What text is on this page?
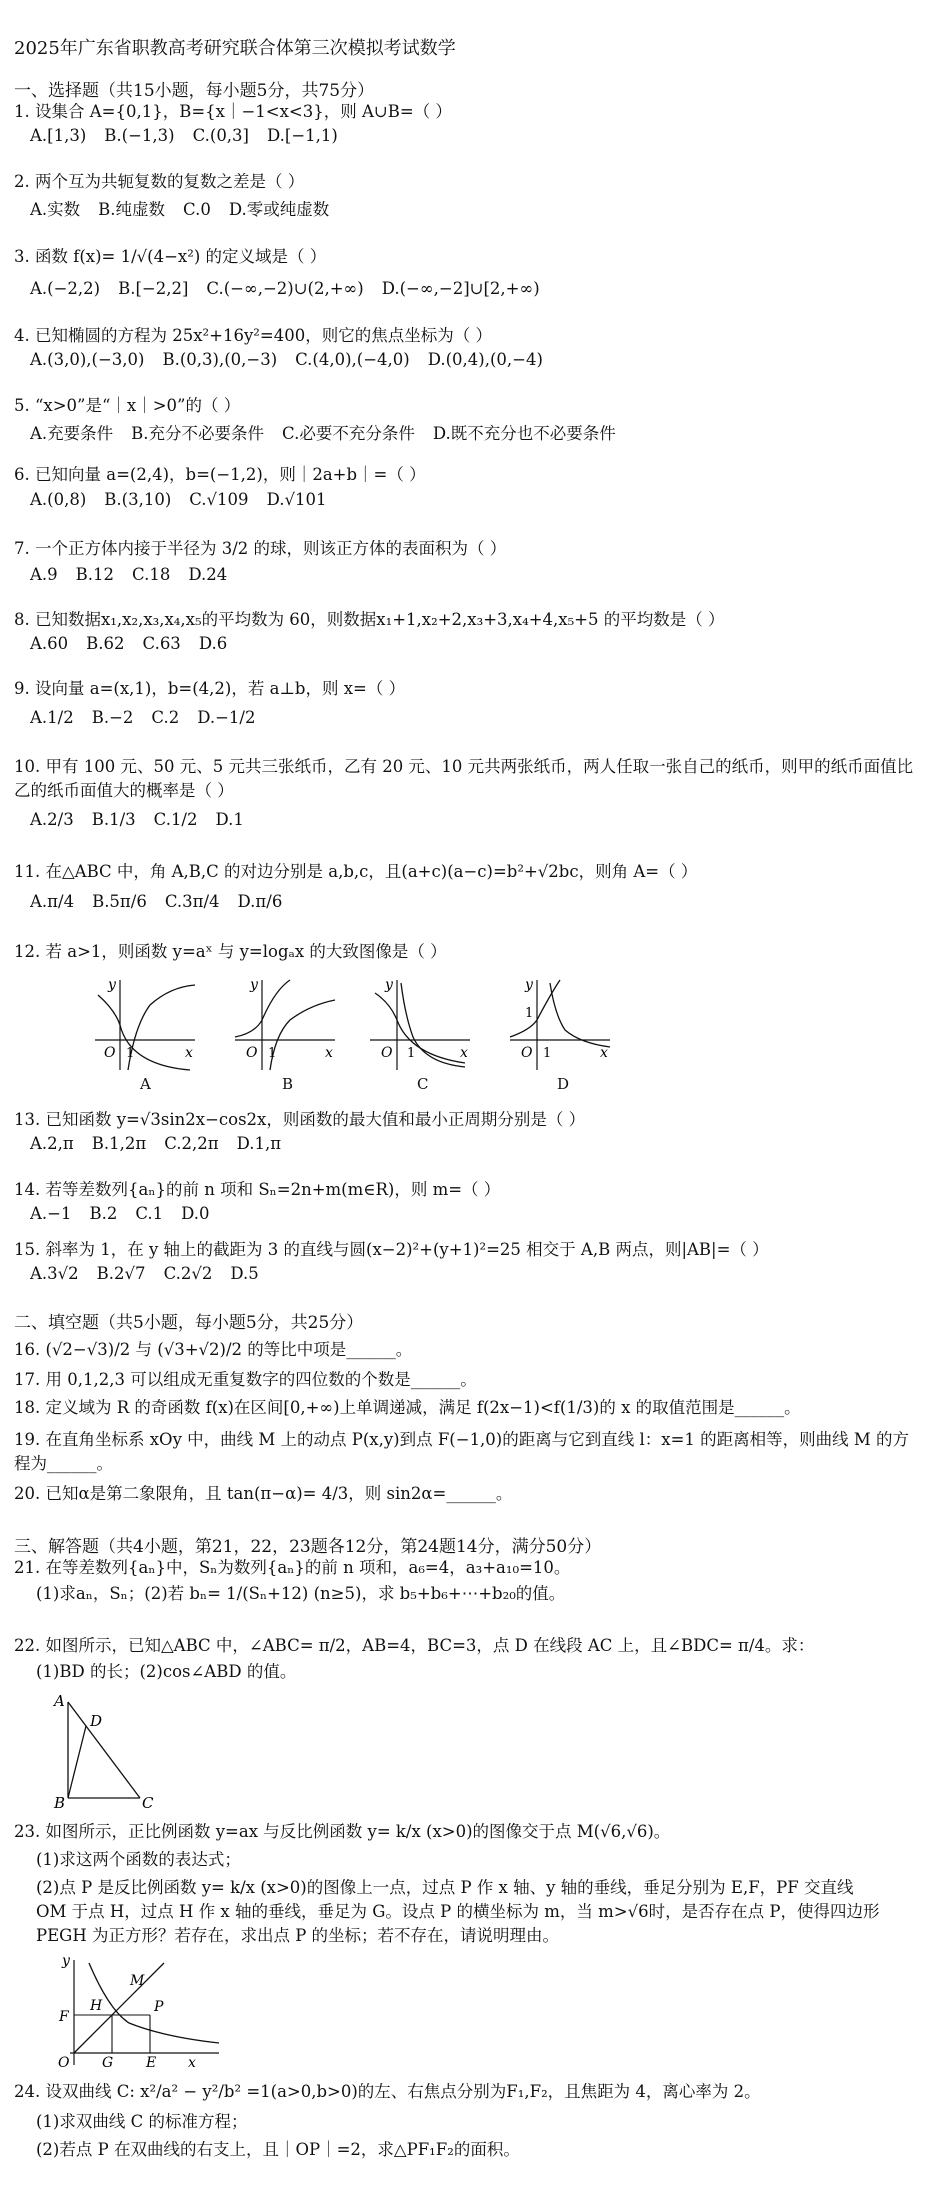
2025年广东省职教高考研究联合体第三次模拟考试数学
一、选择题（共15小题，每小题5分，共75分）
1. 设集合 A={0,1}，B={x｜−1<x<3}，则 A∪B=（ ）
A.[1,3) B.(−1,3) C.(0,3] D.[−1,1)
2. 两个互为共轭复数的复数之差是（ ）
A.实数 B.纯虚数 C.0 D.零或纯虚数
3. 函数 f(x)= 1/√(4−x²) 的定义域是（ ）
A.(−2,2) B.[−2,2] C.(−∞,−2)∪(2,+∞) D.(−∞,−2]∪[2,+∞)
4. 已知椭圆的方程为 25x²+16y²=400，则它的焦点坐标为（ ）
A.(3,0),(−3,0) B.(0,3),(0,−3) C.(4,0),(−4,0) D.(0,4),(0,−4)
5. “x>0”是“｜x｜>0”的（ ）
A.充要条件 B.充分不必要条件 C.必要不充分条件 D.既不充分也不必要条件
6. 已知向量 a=(2,4)，b=(−1,2)，则｜2a+b｜=（ ）
A.(0,8) B.(3,10) C.√109 D.√101
7. 一个正方体内接于半径为 3/2 的球，则该正方体的表面积为（ ）
A.9 B.12 C.18 D.24
8. 已知数据x₁,x₂,x₃,x₄,x₅的平均数为 60，则数据x₁+1,x₂+2,x₃+3,x₄+4,x₅+5 的平均数是（ ）
A.60 B.62 C.63 D.6
9. 设向量 a=(x,1)，b=(4,2)，若 a⊥b，则 x=（ ）
A.1/2 B.−2 C.2 D.−1/2
10. 甲有 100 元、50 元、5 元共三张纸币，乙有 20 元、10 元共两张纸币，两人任取一张自己的纸币，则甲的纸币面值比乙的纸币面值大的概率是（ ）
A.2/3 B.1/3 C.1/2 D.1
11. 在△ABC 中，角 A,B,C 的对边分别是 a,b,c，且(a+c)(a−c)=b²+√2bc，则角 A=（ ）
A.π/4 B.5π/6 C.3π/4 D.π/6
12. 若 a>1，则函数 y=aˣ 与 y=logₐx 的大致图像是（ ）
y
x
O 1
A
y
x
O 1
B
y
x
O 1
C
y
x
O
1
1
D
13. 已知函数 y=√3sin2x−cos2x，则函数的最大值和最小正周期分别是（ ）
A.2,π B.1,2π C.2,2π D.1,π
14. 若等差数列{aₙ}的前 n 项和 Sₙ=2n+m(m∈R)，则 m=（ ）
A.−1 B.2 C.1 D.0
15. 斜率为 1，在 y 轴上的截距为 3 的直线与圆(x−2)²+(y+1)²=25 相交于 A,B 两点，则|AB|=（ ）
A.3√2 B.2√7 C.2√2 D.5
二、填空题（共5小题，每小题5分，共25分）
16. (√2−√3)/2 与 (√3+√2)/2 的等比中项是______。
17. 用 0,1,2,3 可以组成无重复数字的四位数的个数是______。
18. 定义域为 R 的奇函数 f(x)在区间[0,+∞)上单调递减，满足 f(2x−1)<f(1/3)的 x 的取值范围是______。
19. 在直角坐标系 xOy 中，曲线 M 上的动点 P(x,y)到点 F(−1,0)的距离与它到直线 l：x=1 的距离相等，则曲线 M 的方程为______。
20. 已知α是第二象限角，且 tan(π−α)= 4/3，则 sin2α=______。
三、解答题（共4小题，第21，22，23题各12分，第24题14分，满分50分）
21. 在等差数列{aₙ}中，Sₙ为数列{aₙ}的前 n 项和，a₆=4，a₃+a₁₀=10。
(1)求aₙ，Sₙ；(2)若 bₙ= 1/(Sₙ+12) (n≥5)，求 b₅+b₆+⋯+b₂₀的值。
22. 如图所示，已知△ABC 中，∠ABC= π/2，AB=4，BC=3，点 D 在线段 AC 上，且∠BDC= π/4。求：
(1)BD 的长；(2)cos∠ABD 的值。
A
D
B	C
23. 如图所示，正比例函数 y=ax 与反比例函数 y= k/x (x>0)的图像交于点 M(√6,√6)。
(1)求这两个函数的表达式；
(2)点 P 是反比例函数 y= k/x (x>0)的图像上一点，过点 P 作 x 轴、y 轴的垂线，垂足分别为 E,F，PF 交直线 OM 于点 H，过点 H 作 x 轴的垂线，垂足为 G。设点 P 的横坐标为 m，当 m>√6时，是否存在点 P，使得四边形 PEGH 为正方形？若存在，求出点 P 的坐标；若不存在，请说明理由。
y
x
O
F
H
M
P
G E
24. 设双曲线 C: x²/a² − y²/b² =1(a>0,b>0)的左、右焦点分别为F₁,F₂，且焦距为 4，离心率为 2。
(1)求双曲线 C 的标准方程；
(2)若点 P 在双曲线的右支上，且｜OP｜=2，求△PF₁F₂的面积。
